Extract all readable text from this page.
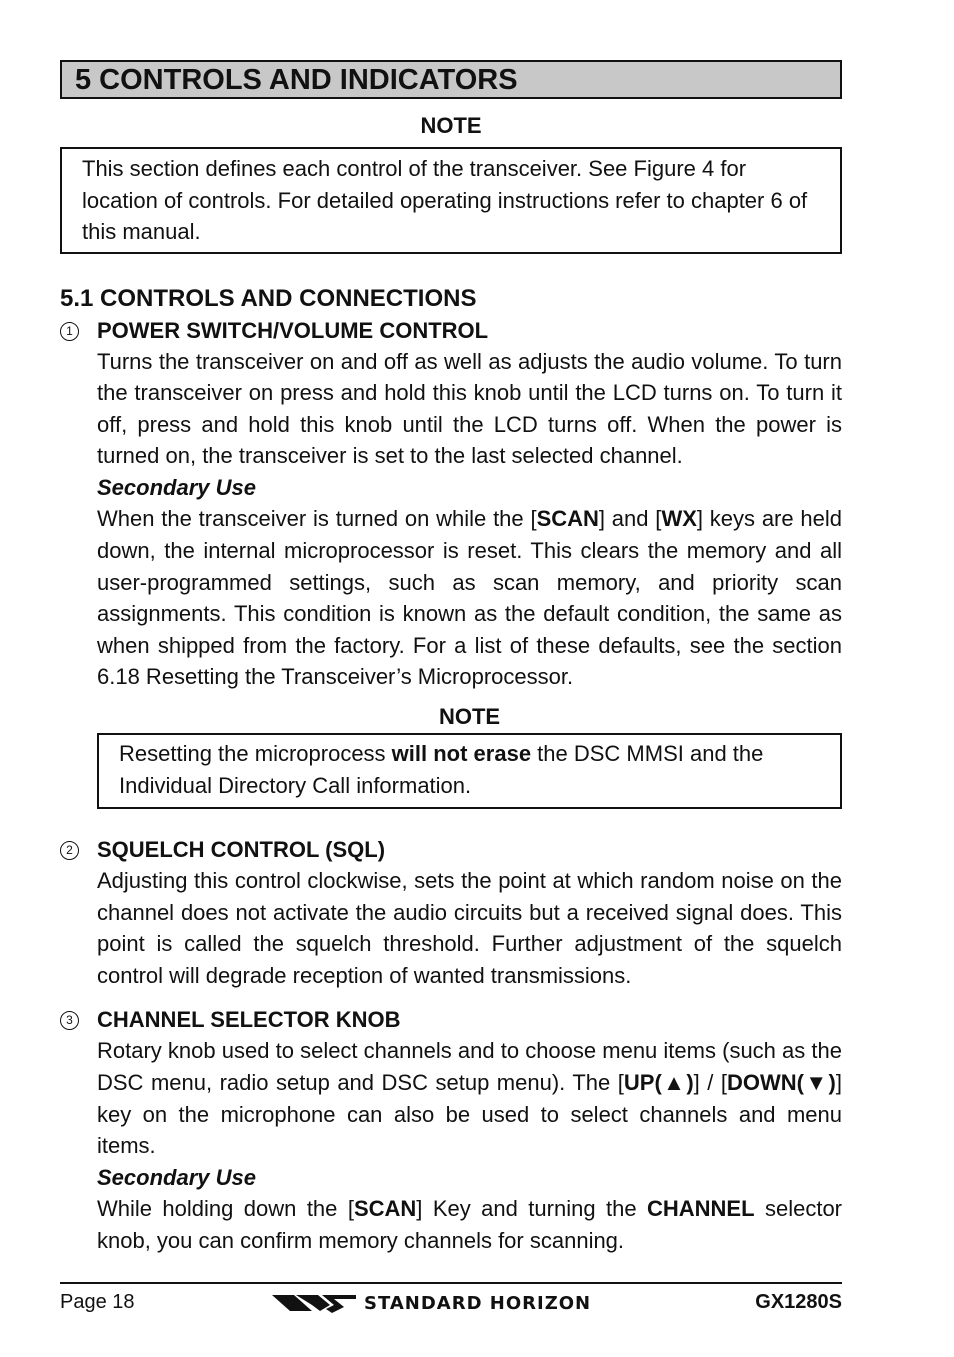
5 CONTROLS AND INDICATORS
NOTE
This section defines each control of the transceiver. See Figure 4 for location of controls. For detailed operating instructions refer to chapter 6 of this manual.
5.1 CONTROLS AND CONNECTIONS
1 POWER SWITCH/VOLUME CONTROL
Turns the transceiver on and off as well as adjusts the audio volume. To turn the transceiver on press and hold this knob until the LCD turns on. To turn it off, press and hold this knob until the LCD turns off. When the power is turned on, the transceiver is set to the last selected channel.
Secondary Use
When the transceiver is turned on while the [SCAN] and [WX] keys are held down, the internal microprocessor is reset. This clears the memory and all user-programmed settings, such as scan memory, and priority scan assignments. This condition is known as the default condition, the same as when shipped from the factory. For a list of these defaults, see the section 6.18 Resetting the Transceiver’s Microprocessor.
NOTE
Resetting the microprocess will not erase the DSC MMSI and the Individual Directory Call information.
2 SQUELCH CONTROL (SQL)
Adjusting this control clockwise, sets the point at which random noise on the channel does not activate the audio circuits but a received signal does. This point is called the squelch threshold. Further adjustment of the squelch control will degrade reception of wanted transmissions.
3 CHANNEL SELECTOR KNOB
Rotary knob used to select channels and to choose menu items (such as the DSC menu, radio setup and DSC setup menu). The [UP(▲)] / [DOWN(▼)] key on the microphone can also be used to select channels and menu items.
Secondary Use
While holding down the [SCAN] Key and turning the CHANNEL selector knob, you can confirm memory channels for scanning.
Page 18	STANDARD HORIZON	GX1280S
